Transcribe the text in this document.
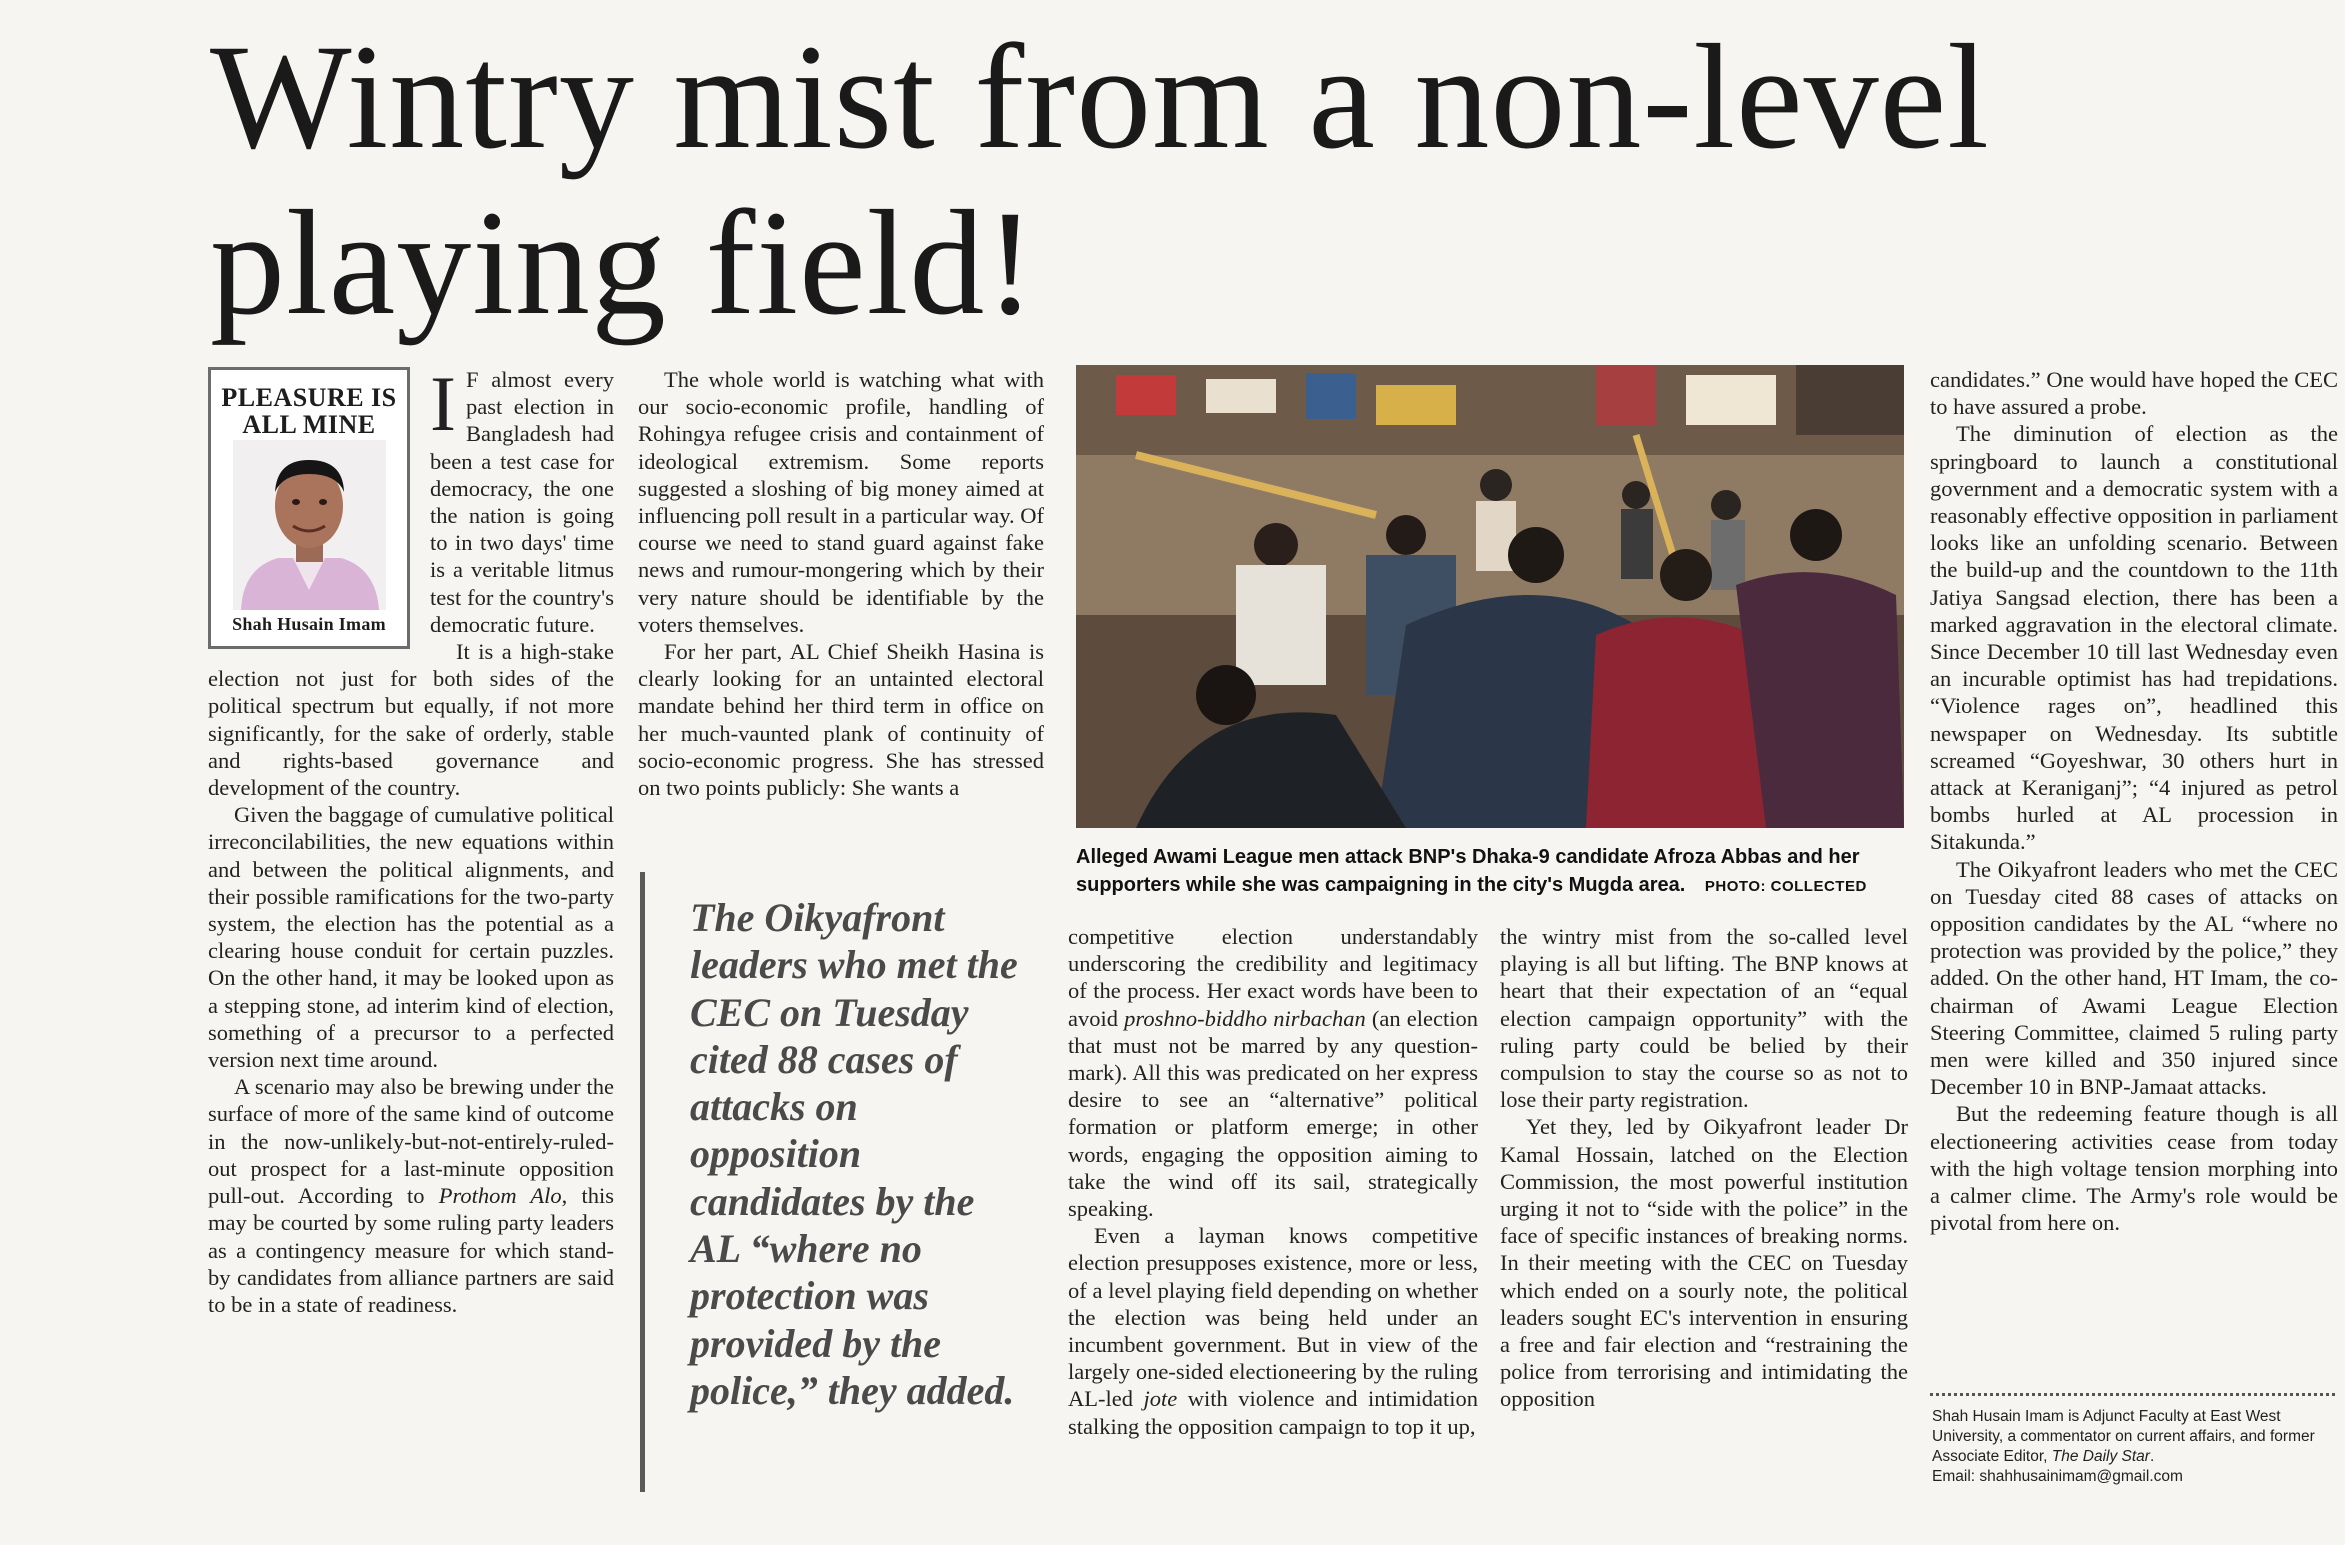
Wintry mist from a non-level
playing field!
PLEASURE IS
ALL MINE
Shah Husain Imam

I F almost every past election in Bangladesh had been a test case for democracy, the one the nation is going to in two days' time is a veritable litmus test for the country's democratic future.

It is a high-stake election not just for both sides of the political spectrum but equally, if not more significantly, for the sake of orderly, stable and rights-based governance and development of the country.

Given the baggage of cumulative political irreconcilabilities, the new equations within and between the political alignments, and their possible ramifications for the two-party system, the election has the potential as a clearing house conduit for certain puzzles. On the other hand, it may be looked upon as a stepping stone, ad interim kind of election, something of a precursor to a perfected version next time around.

A scenario may also be brewing under the surface of more of the same kind of outcome in the now-unlikely-but-not-entirely-ruled-out prospect for a last-minute opposition pull-out. According to Prothom Alo, this may be courted by some ruling party leaders as a contingency measure for which stand-by candidates from alliance partners are said to be in a state of readiness.

The whole world is watching what with our socio-economic profile, handling of Rohingya refugee crisis and containment of ideological extremism. Some reports suggested a sloshing of big money aimed at influencing poll result in a particular way. Of course we need to stand guard against fake news and rumour-mongering which by their very nature should be identifiable by the voters themselves.

For her part, AL Chief Sheikh Hasina is clearly looking for an untainted electoral mandate behind her third term in office on her much-vaunted plank of continuity of socio-economic progress. She has stressed on two points publicly: She wants a

The Oikyafront leaders who met the CEC on Tuesday cited 88 cases of attacks on opposition candidates by the AL “where no protection was provided by the police,” they added.
Alleged Awami League men attack BNP's Dhaka-9 candidate Afroza Abbas and her supporters while she was campaigning in the city's Mugda area. PHOTO: COLLECTED

competitive election understandably underscoring the credibility and legitimacy of the process. Her exact words have been to avoid proshno-biddho nirbachan (an election that must not be marred by any question-mark). All this was predicated on her express desire to see an “alternative” political formation or platform emerge; in other words, engaging the opposition aiming to take the wind off its sail, strategically speaking.

Even a layman knows competitive election presupposes existence, more or less, of a level playing field depending on whether the election was being held under an incumbent government. But in view of the largely one-sided electioneering by the ruling AL-led jote with violence and intimidation stalking the opposition campaign to top it up,

the wintry mist from the so-called level playing is all but lifting. The BNP knows at heart that their expectation of an “equal election campaign opportunity” with the ruling party could be belied by their compulsion to stay the course so as not to lose their party registration.

Yet they, led by Oikyafront leader Dr Kamal Hossain, latched on the Election Commission, the most powerful institution urging it not to “side with the police” in the face of specific instances of breaking norms. In their meeting with the CEC on Tuesday which ended on a sourly note, the political leaders sought EC's intervention in ensuring a free and fair election and “restraining the police from terrorising and intimidating the opposition

candidates.” One would have hoped the CEC to have assured a probe.

The diminution of election as the springboard to launch a constitutional government and a democratic system with a reasonably effective opposition in parliament looks like an unfolding scenario. Between the build-up and the countdown to the 11th Jatiya Sangsad election, there has been a marked aggravation in the electoral climate. Since December 10 till last Wednesday even an incurable optimist has had trepidations. “Violence rages on”, headlined this newspaper on Wednesday. Its subtitle screamed “Goyeshwar, 30 others hurt in attack at Keraniganj”; “4 injured as petrol bombs hurled at AL procession in Sitakunda.”

The Oikyafront leaders who met the CEC on Tuesday cited 88 cases of attacks on opposition candidates by the AL “where no protection was provided by the police,” they added. On the other hand, HT Imam, the co-chairman of Awami League Election Steering Committee, claimed 5 ruling party men were killed and 350 injured since December 10 in BNP-Jamaat attacks.

But the redeeming feature though is all electioneering activities cease from today with the high voltage tension morphing into a calmer clime. The Army's role would be pivotal from here on.

Shah Husain Imam is Adjunct Faculty at East West University, a commentator on current affairs, and former Associate Editor, The Daily Star.
Email: shahhusainimam@gmail.com
